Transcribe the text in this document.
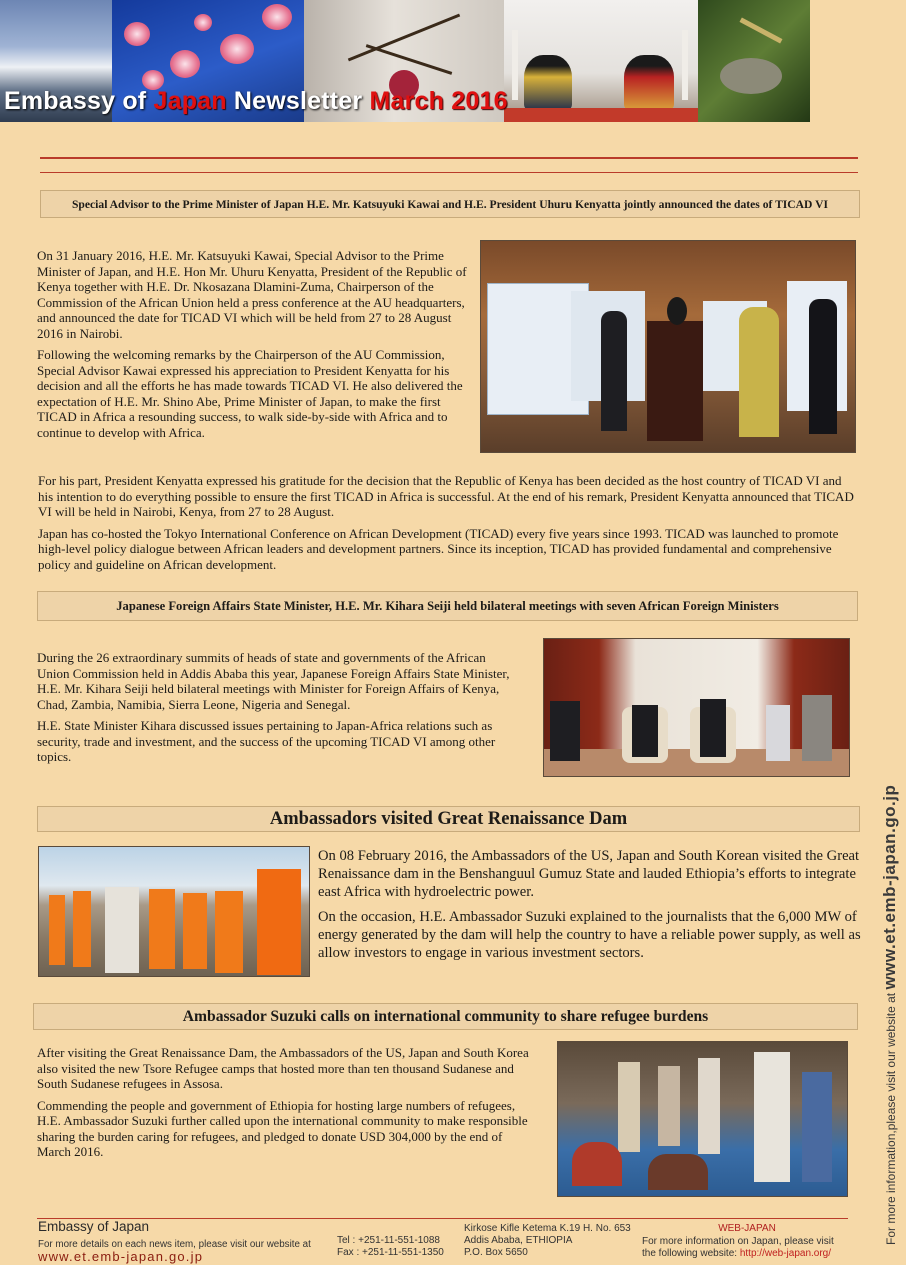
Embassy of Japan Newsletter March 2016
Special Advisor to the Prime Minister of Japan H.E. Mr. Katsuyuki Kawai and H.E. President Uhuru Kenyatta jointly announced the dates of TICAD VI

On 31 January 2016, H.E. Mr. Katsuyuki Kawai, Special Advisor to the Prime Minister of Japan, and H.E. Hon Mr. Uhuru Kenyatta, President of the Republic of Kenya together with H.E. Dr. Nkosazana Dlamini-Zuma, Chairperson of the Commission of the African Union held a press conference at the AU headquarters, and announced the date for TICAD VI which will be held from 27 to 28 August 2016 in Nairobi.

Following the welcoming remarks by the Chairperson of the AU Commission, Special Advisor Kawai expressed his appreciation to President Kenyatta for his decision and all the efforts he has made towards TICAD VI. He also delivered the expectation of H.E. Mr. Shino Abe, Prime Minister of Japan, to make the first TICAD in Africa a resounding success, to walk side-by-side with Africa and to continue to develop with Africa.

For his part, President Kenyatta expressed his gratitude for the decision that the Republic of Kenya has been decided as the host country of TICAD VI and his intention to do everything possible to ensure the first TICAD in Africa is successful. At the end of his remark, President Kenyatta announced that TICAD VI will be held in Nairobi, Kenya, from 27 to 28 August.

Japan has co-hosted the Tokyo International Conference on African Development (TICAD) every five years since 1993. TICAD was launched to promote high-level policy dialogue between African leaders and development partners. Since its inception, TICAD has provided fundamental and comprehensive policy and guideline on African development.

Japanese Foreign Affairs State Minister, H.E. Mr. Kihara Seiji held bilateral meetings with seven African Foreign Ministers

During the 26 extraordinary summits of heads of state and governments of the African Union Commission held in Addis Ababa this year, Japanese Foreign Affairs State Minister, H.E. Mr. Kihara Seiji held bilateral meetings with Minister for Foreign Affairs of Kenya, Chad, Zambia, Namibia, Sierra Leone, Nigeria and Senegal.

H.E. State Minister Kihara discussed issues pertaining to Japan-Africa relations such as security, trade and investment, and the success of the upcoming TICAD VI among other topics.

Ambassadors visited Great Renaissance Dam

On 08 February 2016, the Ambassadors of the US, Japan and South Korean visited the Great Renaissance dam in the Benshanguul Gumuz State and lauded Ethiopia’s efforts to integrate east Africa with hydroelectric power.

On the occasion, H.E. Ambassador Suzuki explained to the journalists that the 6,000 MW of energy generated by the dam will help the country to have a reliable power supply, as well as allow investors to engage in various investment sectors.

Ambassador Suzuki calls on international community to share refugee burdens

After visiting the Great Renaissance Dam, the Ambassadors of the US, Japan and South Korea also visited the new Tsore Refugee camps that hosted more than ten thousand Sudanese and South Sudanese refugees in Assosa.

Commending the people and government of Ethiopia for hosting large numbers of refugees, H.E. Ambassador Suzuki further called upon the international community to make responsible sharing the burden caring for refugees, and pledged to donate USD 304,000 by the end of March 2016.	For more information,please visit our website at www.et.emb-japan.go.jp
Embassy of Japan
For more details on each news item, please visit our website at
www.et.emb-japan.go.jp
Tel : +251-11-551-1088
Fax : +251-11-551-1350
Kirkose Kifle Ketema K.19 H. No. 653
Addis Ababa, ETHIOPIA
P.O. Box 5650
WEB-JAPAN
For more information on Japan, please visit
the following website: http://web-japan.org/
